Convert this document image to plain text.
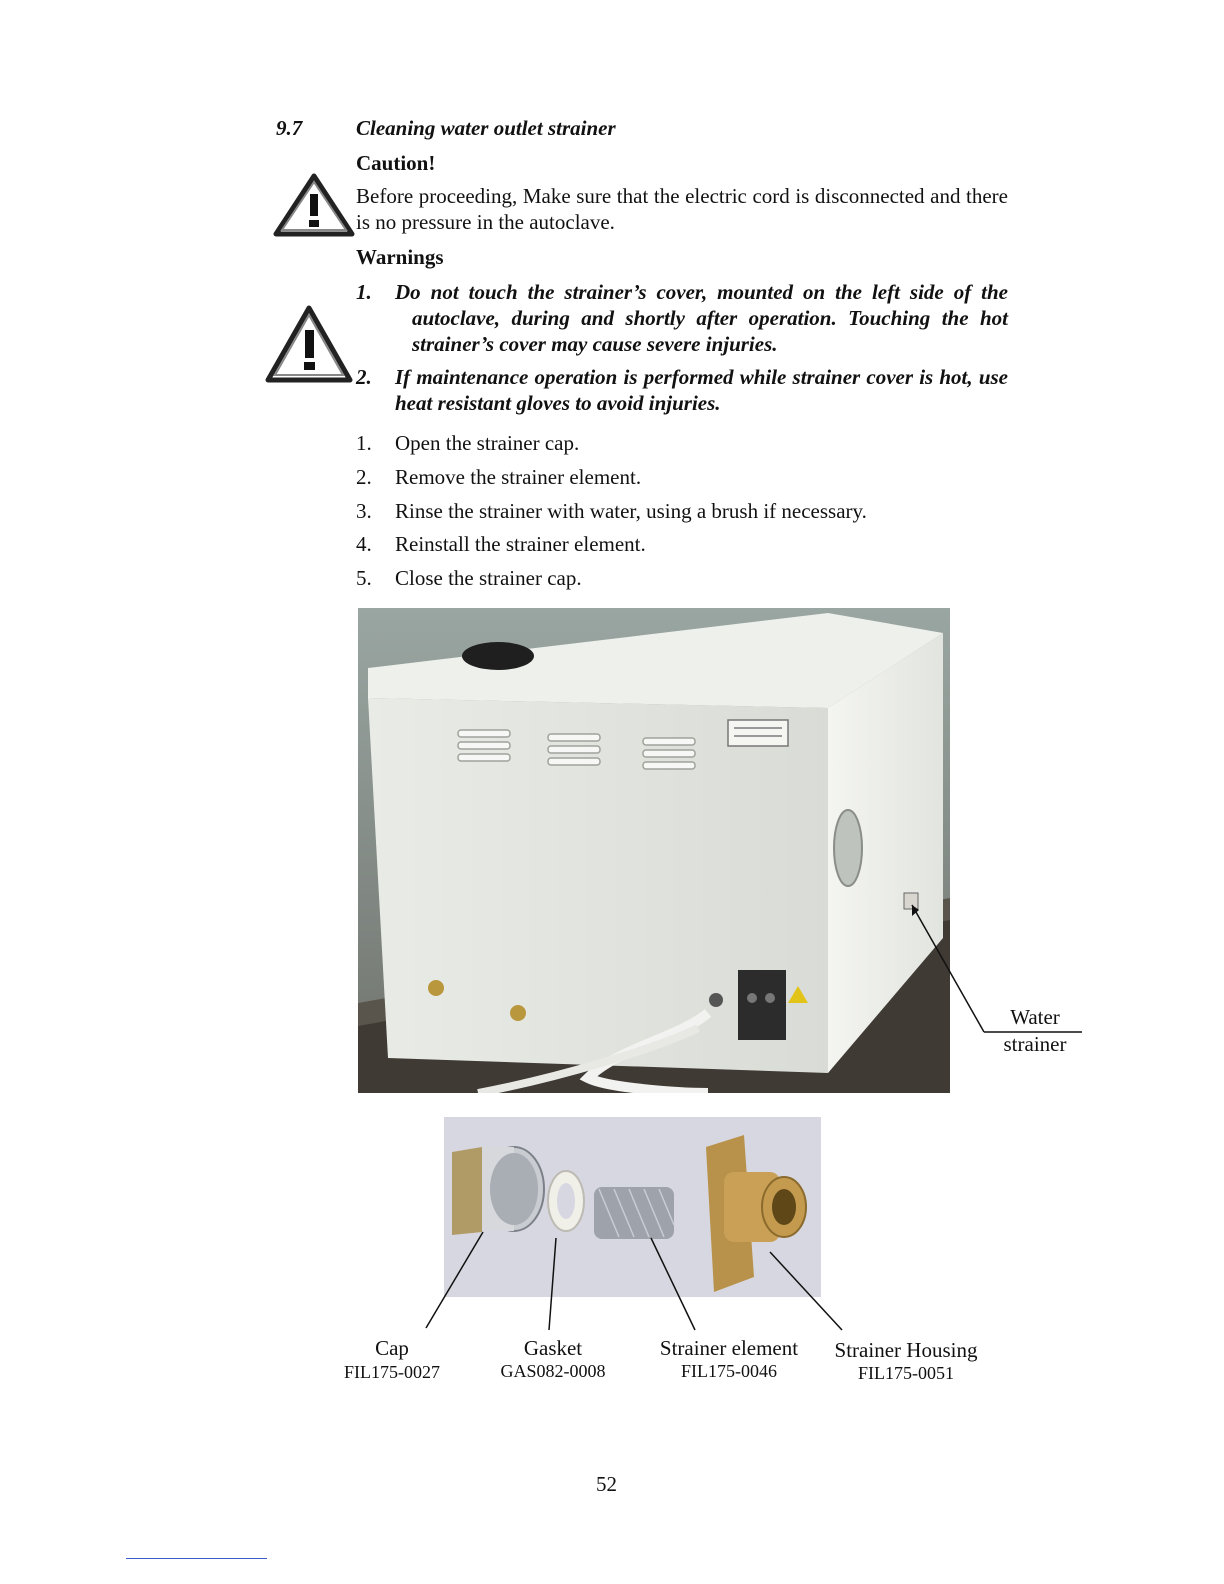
9.7	Cleaning water outlet strainer
Caution!
Before proceeding, Make sure that the electric cord is disconnected and there is no pressure in the autoclave.
Warnings
1.	Do not touch the strainer’s cover, mounted on the left side of the autoclave, during and shortly after operation. Touching the hot strainer’s cover may cause severe injuries.
2.	If maintenance operation is performed while strainer cover is hot, use heat resistant gloves to avoid injuries.
1. Open the strainer cap.
2. Remove the strainer element.
3. Rinse the strainer with water, using a brush if necessary.
4. Reinstall the strainer element.
5. Close the strainer cap.
Water
strainer
Cap
FIL175-0027
Gasket
GAS082-0008
Strainer element
FIL175-0046
Strainer Housing
FIL175-0051
52
